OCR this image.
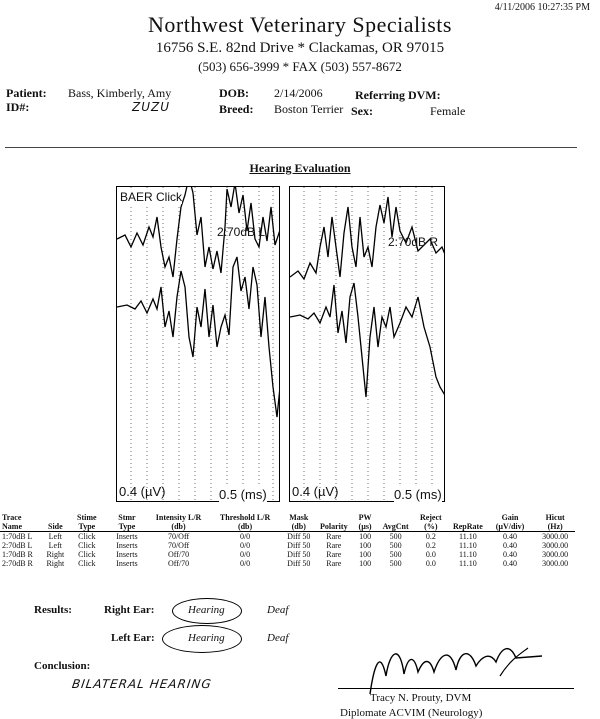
4/11/2006 10:27:35 PM
Northwest Veterinary Specialists
16756 S.E. 82nd Drive * Clackamas, OR 97015
(503) 656-3999 * FAX (503) 557-8672
Patient: Bass, Kimberly, Amy
ID#:	ZUZU
DOB: 2/14/2006
Breed: Boston Terrier Sex:	Female
Referring DVM:
Hearing Evaluation
BAER Click
2:70dB L
0.4 (µV)	0.5 (ms)
2:70dB R
0.4 (µV)	0.5 (ms)
Trace Name	Side	Stime Type	Stmr Type	Intensity L/R (db)	Threshold L/R (db)	Mask (db)	Polarity	PW (µs)	AvgCnt	Reject (%)	RepRate	Gain (µV/div)	Hicut (Hz)
1:70dB L	Left	Click	Inserts	70/Off	0/0	Diff 50	Rare	100	500	0.2	11.10	0.40	3000.00
2:70dB L	Left	Click	Inserts	70/Off	0/0	Diff 50	Rare	100	500	0.2	11.10	0.40	3000.00
1:70dB R	Right	Click	Inserts	Off/70	0/0	Diff 50	Rare	100	500	0.0	11.10	0.40	3000.00
2:70dB R	Right	Click	Inserts	Off/70	0/0	Diff 50	Rare	100	500	0.0	11.10	0.40	3000.00
Results:	Right Ear:	Hearing	Deaf
Left Ear:	Hearing	Deaf
Conclusion:
BILATERAL HEARING
Tracy N. Prouty, DVM
Diplomate ACVIM (Neurology)
